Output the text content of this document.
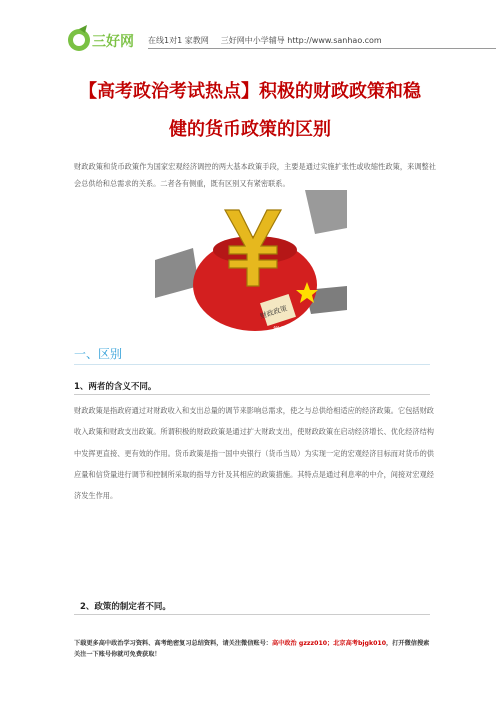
三好网 在线1对1 家教网 三好网中小学辅导 http://www.sanhao.com
【高考政治考试热点】积极的财政政策和稳
健的货币政策的区别
财政政策和货币政策作为国家宏观经济调控的两大基本政策手段，主要是通过实施扩张性或收缩性政策，来调整社会总供给和总需求的关系。二者各有侧重，既有区别又有紧密联系。
财政政策
微信号: gzzz010
一、区别
1、两者的含义不同。
财政政策是指政府通过对财政收入和支出总量的调节来影响总需求，使之与总供给相适应的经济政策。它包括财政收入政策和财政支出政策。所谓积极的财政政策是通过扩大财政支出，使财政政策在启动经济增长、优化经济结构中发挥更直接、更有效的作用。货币政策是指一国中央银行（货币当局）为实现一定的宏观经济目标而对货币的供应量和信贷量进行调节和控制所采取的指导方针及其相应的政策措施。其特点是通过利息率的中介，间接对宏观经济发生作用。
2、政策的制定者不同。
下载更多高中政治学习资料、高考绝密复习总结资料，请关注微信账号：高中政治 gzzz010；北京高考bjgk010，打开微信搜索关注一下账号你就可免费获取！
